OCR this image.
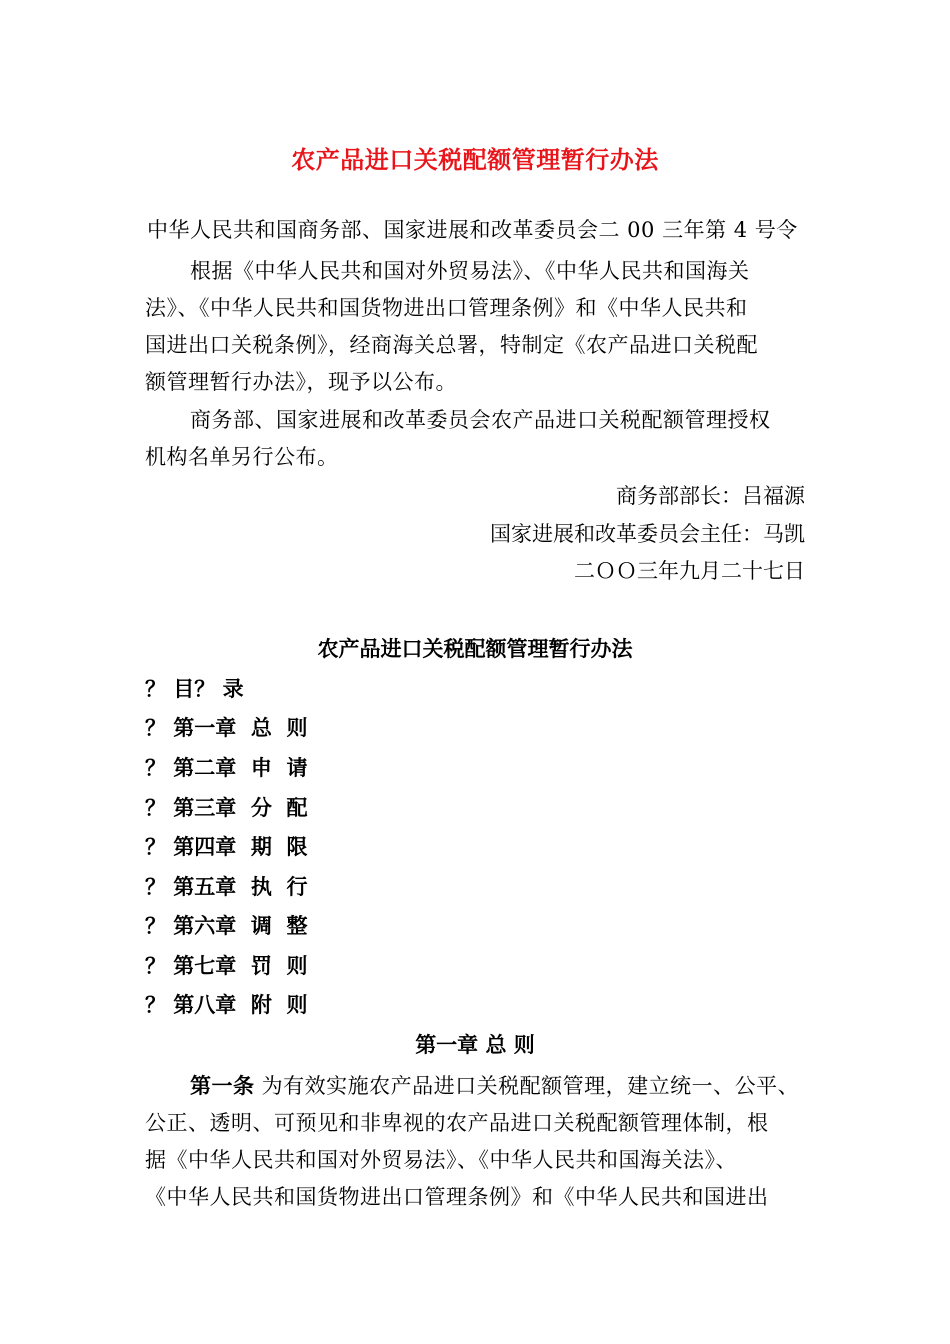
农产品进口关税配额管理暂行办法
中华人民共和国商务部、国家进展和改革委员会二 00 三年第 4 号令
根据《中华人民共和国对外贸易法》、《中华人民共和国海关
法》、《中华人民共和国货物进出口管理条例》和《中华人民共和
国进出口关税条例》，经商海关总署，特制定《农产品进口关税配
额管理暂行办法》，现予以公布。
商务部、国家进展和改革委员会农产品进口关税配额管理授权
机构名单另行公布。
商务部部长：吕福源
国家进展和改革委员会主任：马凯
二ＯＯ三年九月二十七日
农产品进口关税配额管理暂行办法
？ 目？ 录
？ 第一章  总  则
？ 第二章  申  请
？ 第三章  分  配
？ 第四章  期  限
？ 第五章  执  行
？ 第六章  调  整
？ 第七章  罚  则
？ 第八章  附  则
第一章 总 则
第一条 为有效实施农产品进口关税配额管理，建立统一、公平、
公正、透明、可预见和非卑视的农产品进口关税配额管理体制，根
据《中华人民共和国对外贸易法》、《中华人民共和国海关法》、
《中华人民共和国货物进出口管理条例》和《中华人民共和国进出
